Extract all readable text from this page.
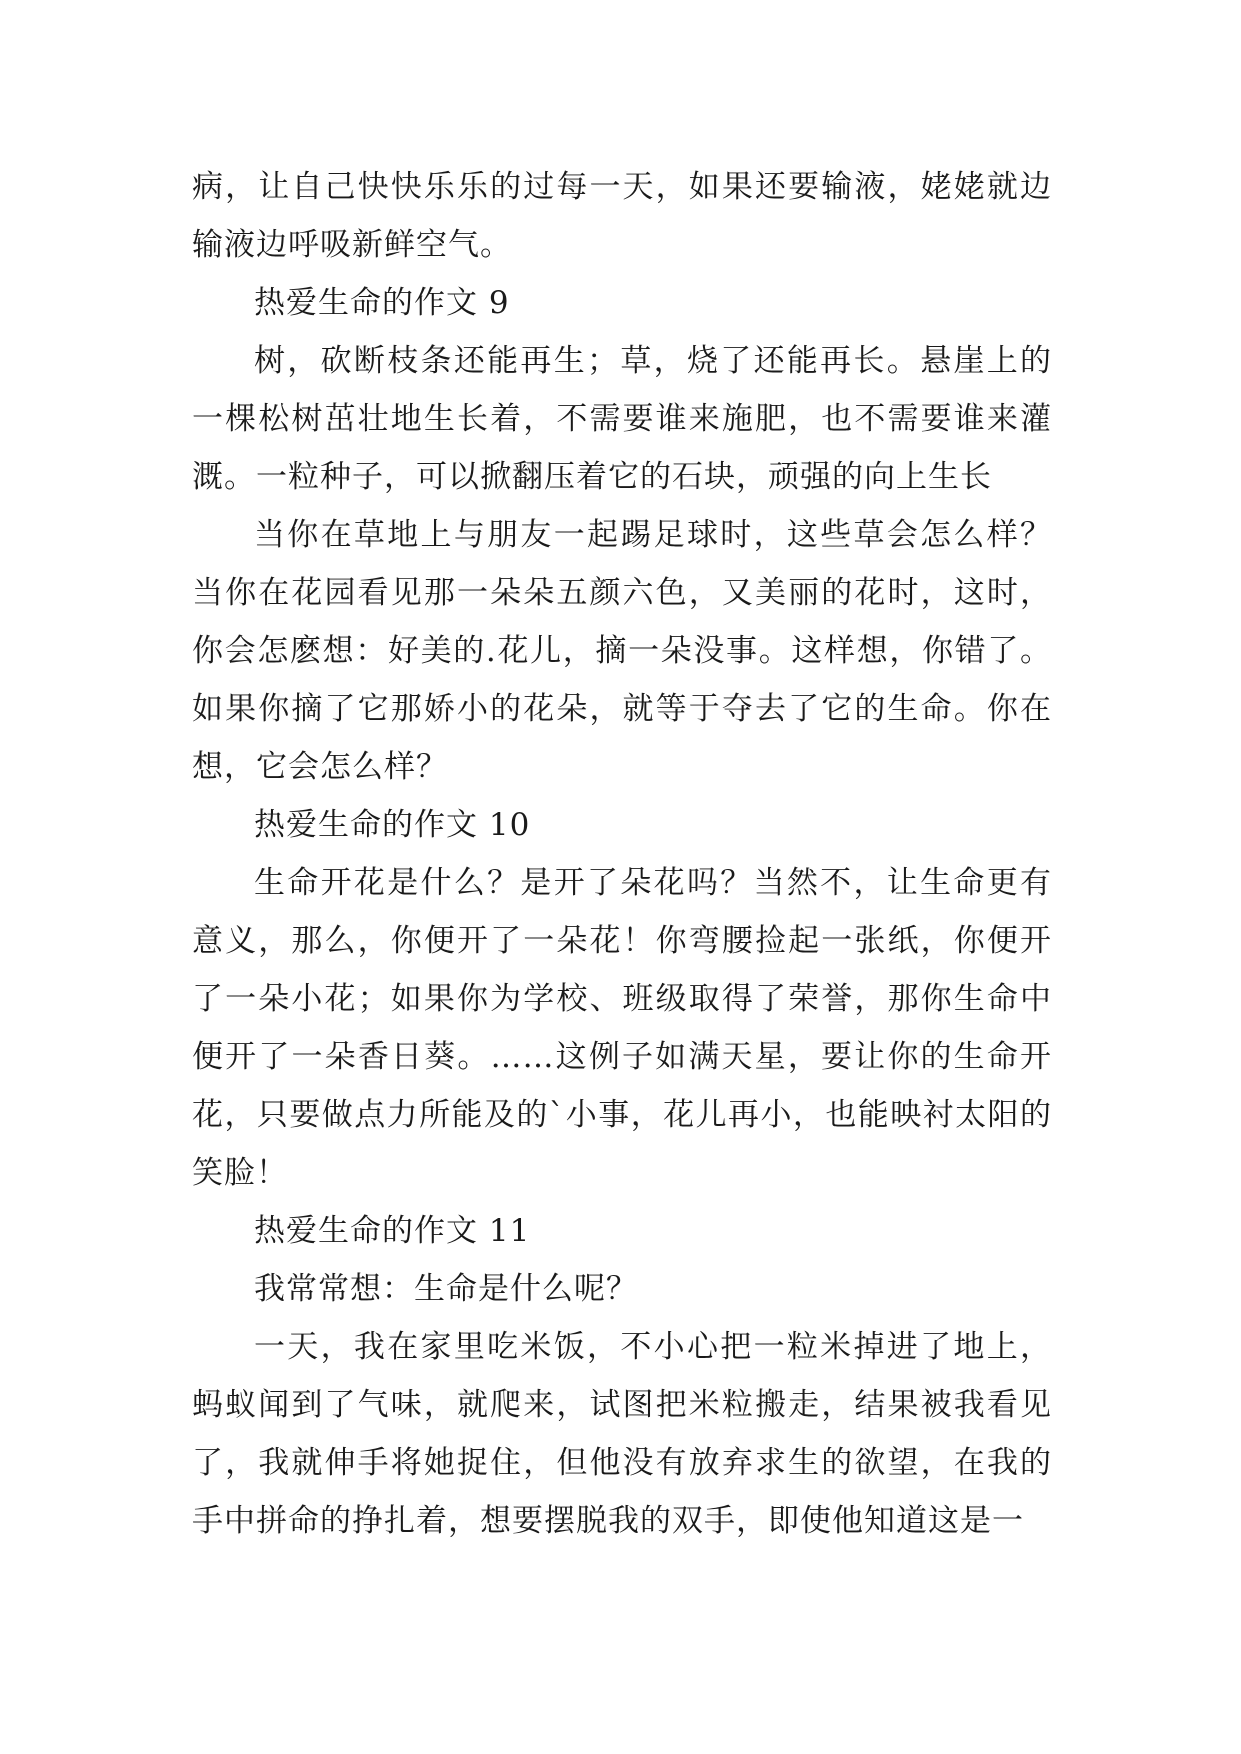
病，让自己快快乐乐的过每一天，如果还要输液，姥姥就边输液边呼吸新鲜空气。

热爱生命的作文 9

树，砍断枝条还能再生；草，烧了还能再长。悬崖上的一棵松树茁壮地生长着，不需要谁来施肥，也不需要谁来灌溉。一粒种子，可以掀翻压着它的石块，顽强的向上生长

当你在草地上与朋友一起踢足球时，这些草会怎么样？当你在花园看见那一朵朵五颜六色，又美丽的花时，这时，你会怎麽想：好美的.花儿，摘一朵没事。这样想，你错了。如果你摘了它那娇小的花朵，就等于夺去了它的生命。你在想，它会怎么样？

热爱生命的作文 10

生命开花是什么？是开了朵花吗？当然不，让生命更有意义，那么，你便开了一朵花！你弯腰捡起一张纸，你便开了一朵小花；如果你为学校、班级取得了荣誉，那你生命中便开了一朵香日葵。……这例子如满天星，要让你的生命开花，只要做点力所能及的`小事，花儿再小，也能映衬太阳的笑脸！

热爱生命的作文 11

我常常想：生命是什么呢？

一天，我在家里吃米饭，不小心把一粒米掉进了地上，蚂蚁闻到了气味，就爬来，试图把米粒搬走，结果被我看见了，我就伸手将她捉住，但他没有放弃求生的欲望，在我的手中拼命的挣扎着，想要摆脱我的双手，即使他知道这是一
